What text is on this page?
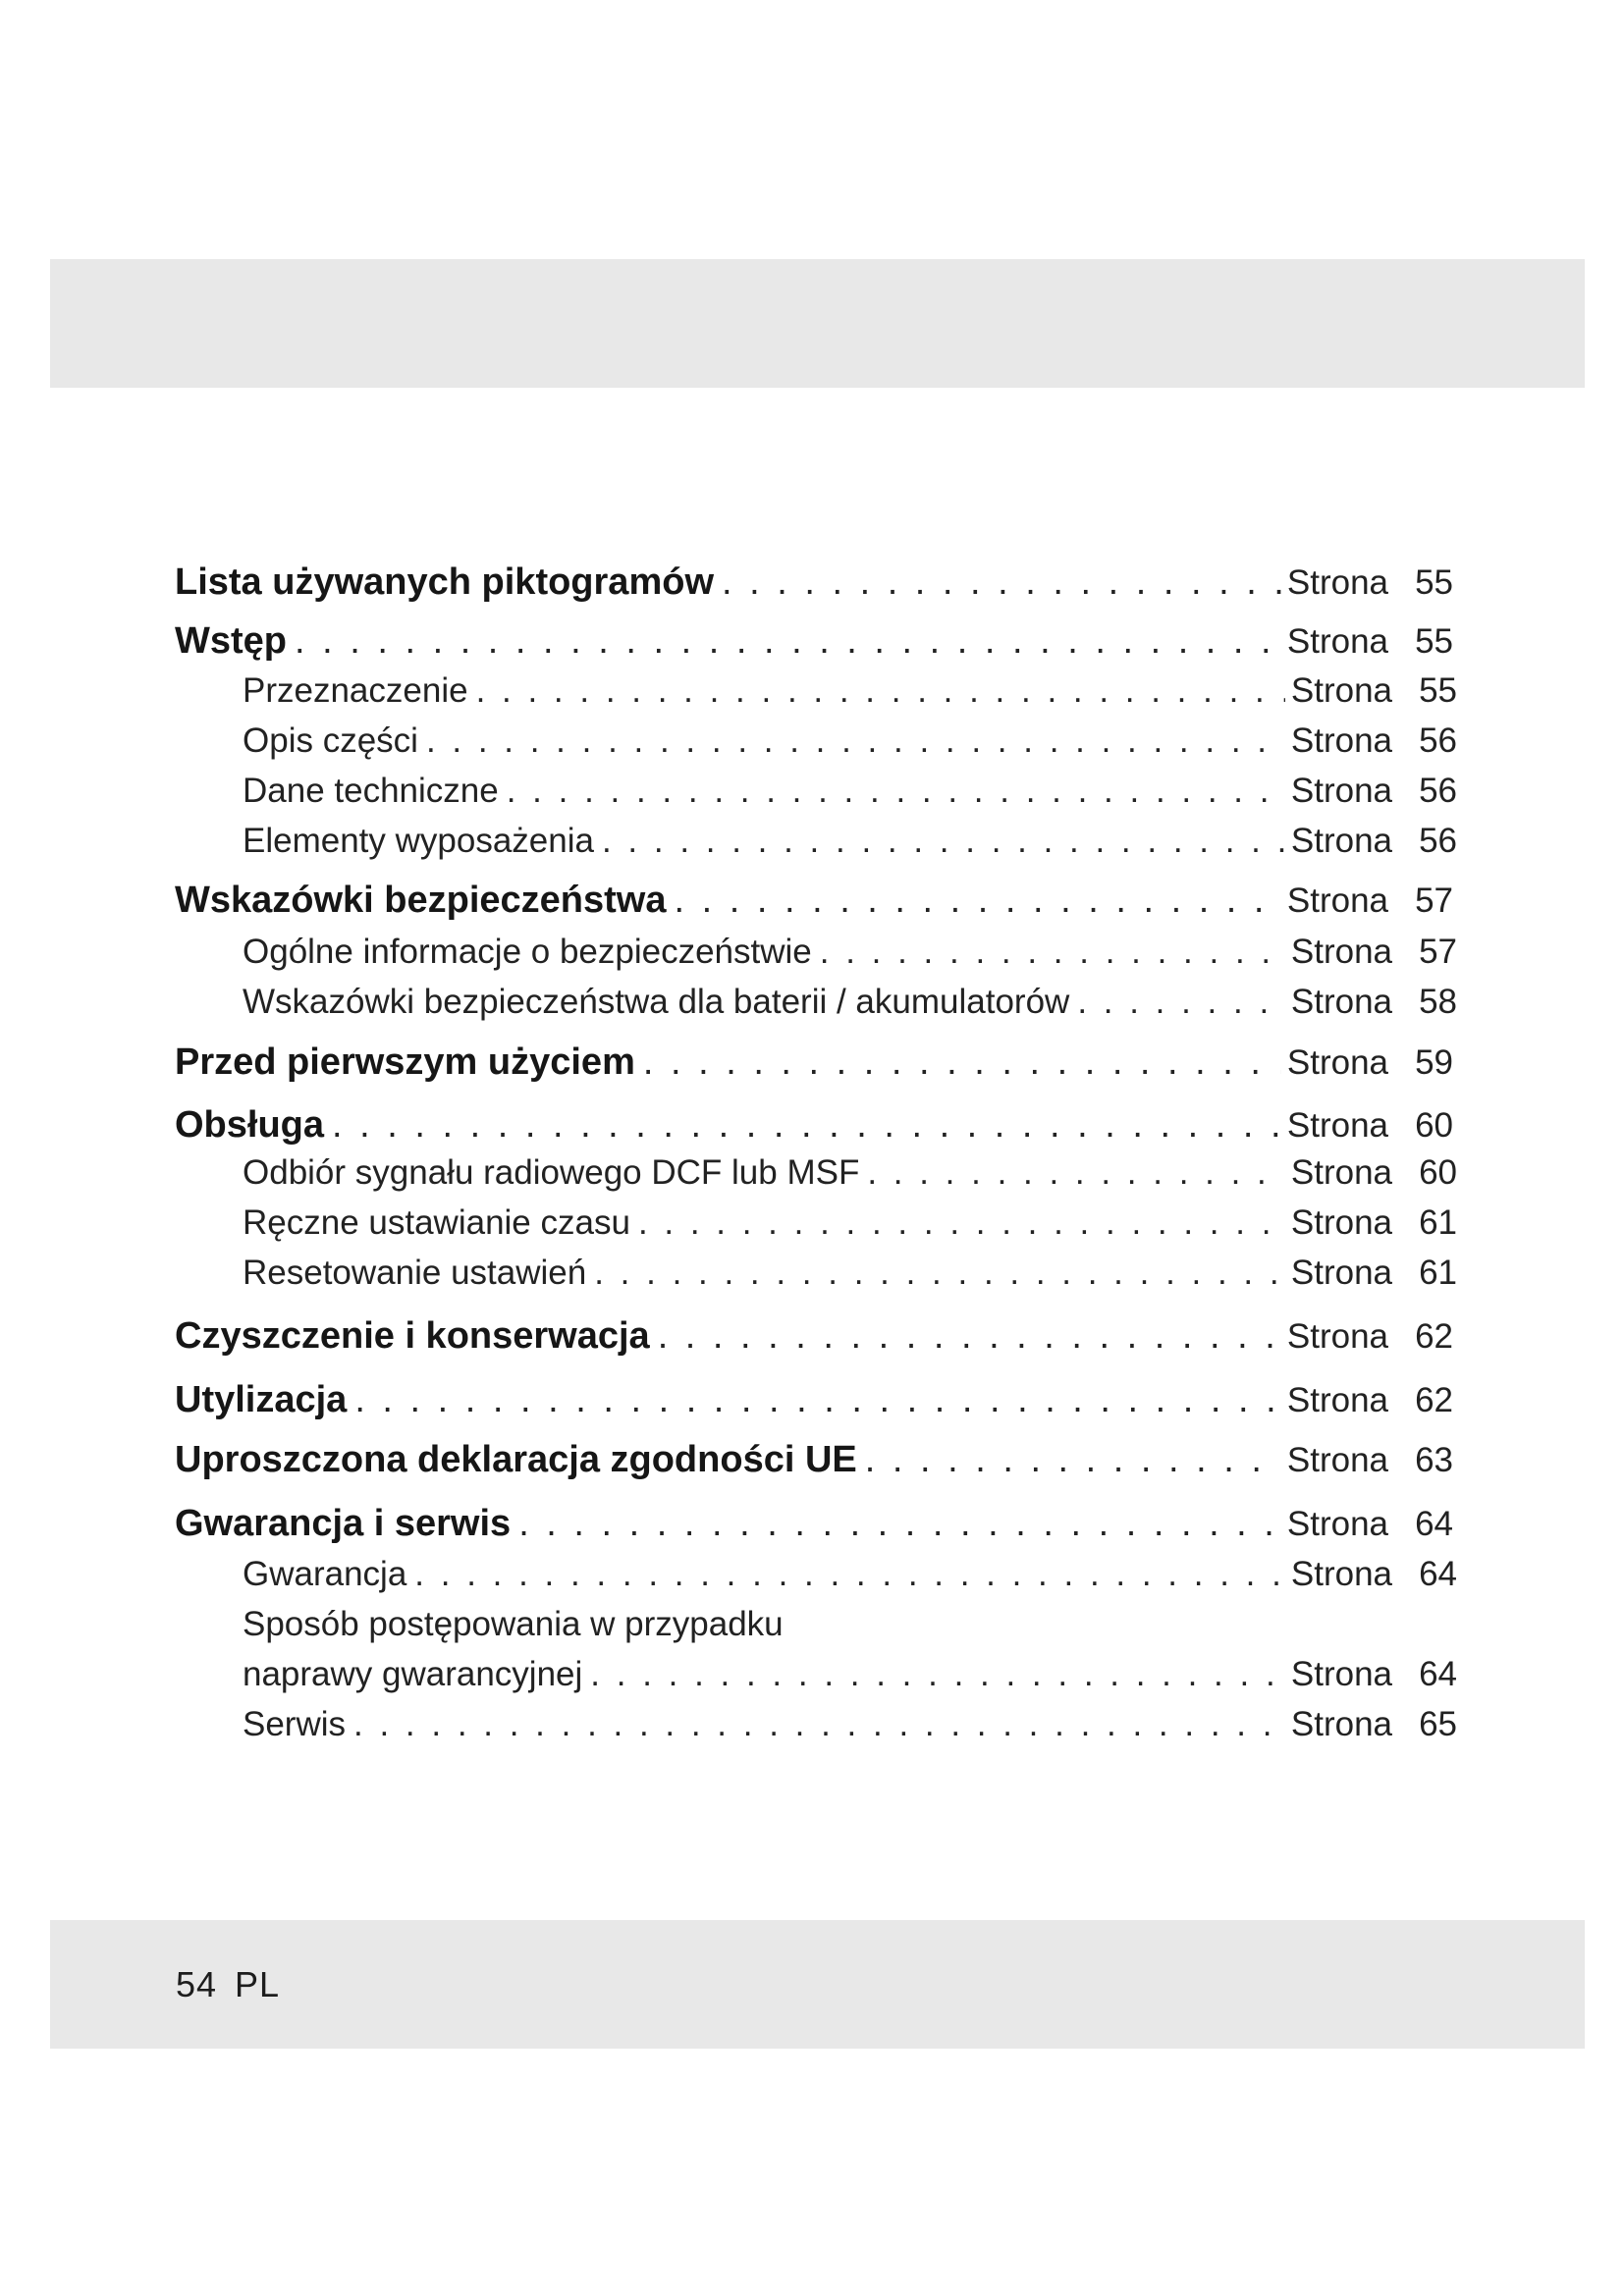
Lista używanych piktogramów . . .	Strona 55
Wstęp . . .	Strona 55
Przeznaczenie . . .	Strona 55
Opis części . . .	Strona 56
Dane techniczne . . .	Strona 56
Elementy wyposażenia . . .	Strona 56
Wskazówki bezpieczeństwa . . .	Strona 57
Ogólne informacje o bezpieczeństwie . . .	Strona 57
Wskazówki bezpieczeństwa dla baterii / akumulatorów . . .	Strona 58
Przed pierwszym użyciem . . .	Strona 59
Obsługa . . .	Strona 60
Odbiór sygnału radiowego DCF lub MSF . . .	Strona 60
Ręczne ustawianie czasu . . .	Strona 61
Resetowanie ustawień . . .	Strona 61
Czyszczenie i konserwacja . . .	Strona 62
Utylizacja . . .	Strona 62
Uproszczona deklaracja zgodności UE . . .	Strona 63
Gwarancja i serwis . . .	Strona 64
Gwarancja . . .	Strona 64
Sposób postępowania w przypadku
naprawy gwarancyjnej . . .	Strona 64
Serwis . . .	Strona 65
54 PL
